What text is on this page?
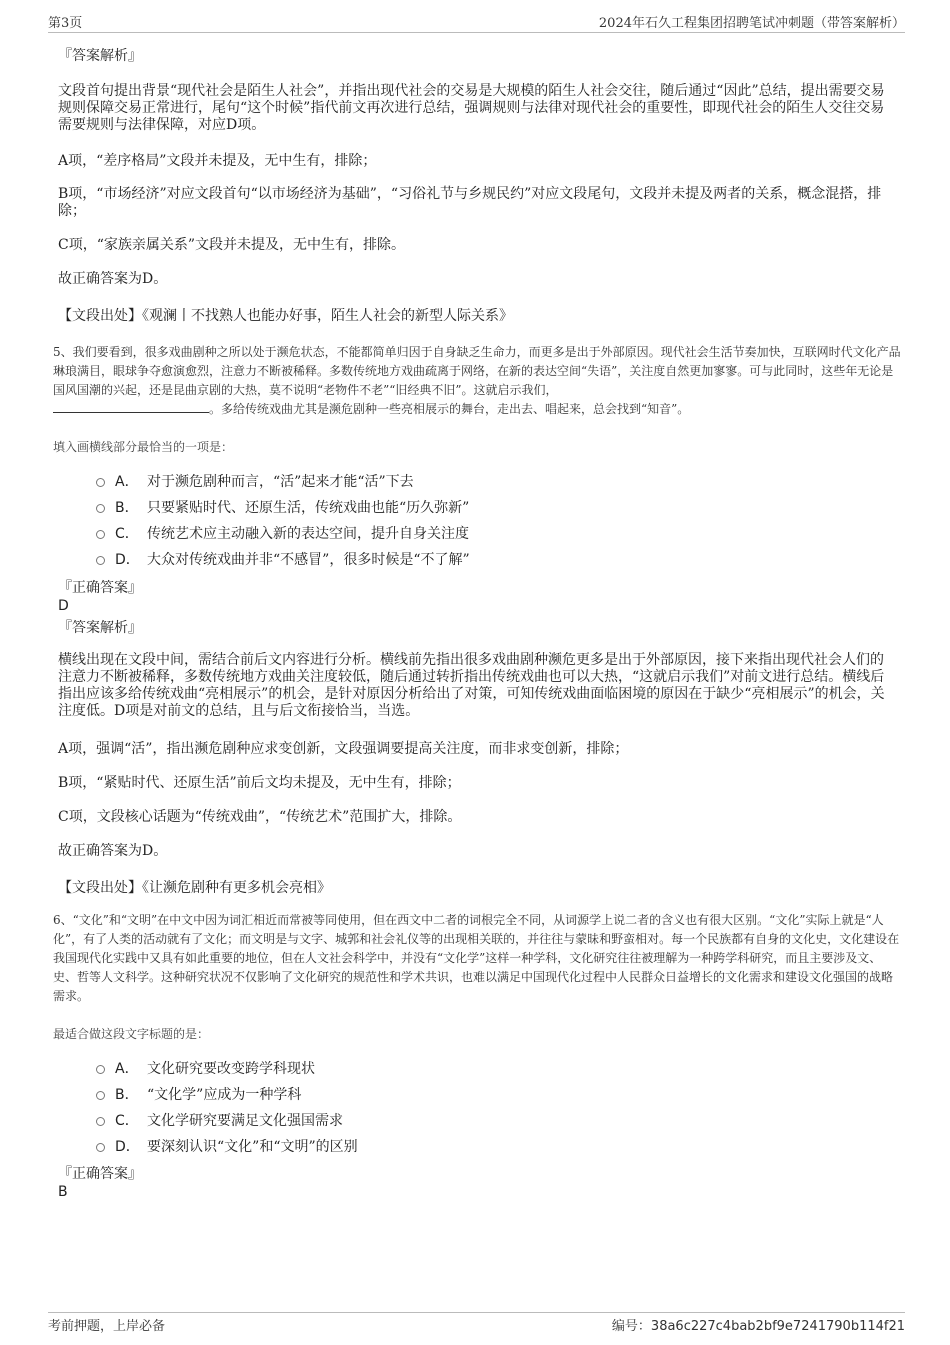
第3页	2024年石久工程集团招聘笔试冲刺题（带答案解析）
『答案解析』

文段首句提出背景“现代社会是陌生人社会”，并指出现代社会的交易是大规模的陌生人社会交往，随后通过“因此”总结，提出需要交易规则保障交易正常进行，尾句“这个时候”指代前文再次进行总结，强调规则与法律对现代社会的重要性，即现代社会的陌生人交往交易需要规则与法律保障，对应D项。

A项，“差序格局”文段并未提及，无中生有，排除；

B项，“市场经济”对应文段首句“以市场经济为基础”，“习俗礼节与乡规民约”对应文段尾句，文段并未提及两者的关系，概念混搭，排除；

C项，“家族亲属关系”文段并未提及，无中生有，排除。

故正确答案为D。

【文段出处】《观澜丨不找熟人也能办好事，陌生人社会的新型人际关系》

5、我们要看到，很多戏曲剧种之所以处于濒危状态，不能都简单归因于自身缺乏生命力，而更多是出于外部原因。现代社会生活节奏加快，互联网时代文化产品琳琅满目，眼球争夺愈演愈烈，注意力不断被稀释。多数传统地方戏曲疏离于网络，在新的表达空间“失语”，关注度自然更加寥寥。可与此同时，这些年无论是国风国潮的兴起，还是昆曲京剧的大热，莫不说明“老物件不老”“旧经典不旧”。这就启示我们，
。多给传统戏曲尤其是濒危剧种一些亮相展示的舞台，走出去、唱起来，总会找到“知音”。

填入画横线部分最恰当的一项是：
A． 对于濒危剧种而言，“活”起来才能“活”下去
B． 只要紧贴时代、还原生活，传统戏曲也能“历久弥新”
C． 传统艺术应主动融入新的表达空间，提升自身关注度
D． 大众对传统戏曲并非“不感冒”，很多时候是“不了解”
『正确答案』
D
『答案解析』

横线出现在文段中间，需结合前后文内容进行分析。横线前先指出很多戏曲剧种濒危更多是出于外部原因，接下来指出现代社会人们的注意力不断被稀释，多数传统地方戏曲关注度较低，随后通过转折指出传统戏曲也可以大热，“这就启示我们”对前文进行总结。横线后指出应该多给传统戏曲“亮相展示”的机会，是针对原因分析给出了对策，可知传统戏曲面临困境的原因在于缺少“亮相展示”的机会，关注度低。D项是对前文的总结，且与后文衔接恰当，当选。

A项，强调“活”，指出濒危剧种应求变创新，文段强调要提高关注度，而非求变创新，排除；

B项，“紧贴时代、还原生活”前后文均未提及，无中生有，排除；

C项，文段核心话题为“传统戏曲”，“传统艺术”范围扩大，排除。

故正确答案为D。

【文段出处】《让濒危剧种有更多机会亮相》

6、“文化”和“文明”在中文中因为词汇相近而常被等同使用，但在西文中二者的词根完全不同，从词源学上说二者的含义也有很大区别。“文化”实际上就是“人化”，有了人类的活动就有了文化；而文明是与文字、城郭和社会礼仪等的出现相关联的，并往往与蒙昧和野蛮相对。每一个民族都有自身的文化史，文化建设在我国现代化实践中又具有如此重要的地位，但在人文社会科学中，并没有“文化学”这样一种学科，文化研究往往被理解为一种跨学科研究，而且主要涉及文、史、哲等人文科学。这种研究状况不仅影响了文化研究的规范性和学术共识，也难以满足中国现代化过程中人民群众日益增长的文化需求和建设文化强国的战略需求。

最适合做这段文字标题的是：
A． 文化研究要改变跨学科现状
B． “文化学”应成为一种学科
C． 文化学研究要满足文化强国需求
D． 要深刻认识“文化”和“文明”的区别
『正确答案』
B
考前押题，上岸必备	编号：38a6c227c4bab2bf9e7241790b114f21
